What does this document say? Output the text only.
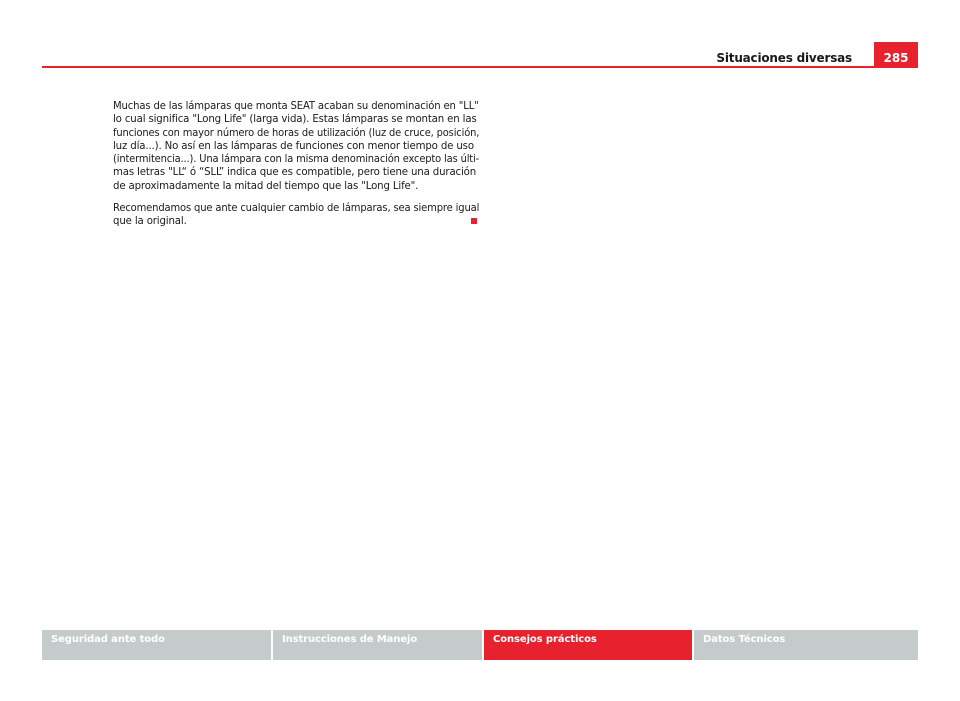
Situaciones diversas	285

Muchas de las lámparas que monta SEAT acaban su denominación en "LL"
lo cual significa "Long Life" (larga vida). Estas lámparas se montan en las
funciones con mayor número de horas de utilización (luz de cruce, posición,
luz día...). No así en las lámparas de funciones con menor tiempo de uso
(intermitencia...). Una lámpara con la misma denominación excepto las últi-
mas letras "LL“ ó “SLL” indica que es compatible, pero tiene una duración
de aproximadamente la mitad del tiempo que las "Long Life".

Recomendamos que ante cualquier cambio de lámparas, sea siempre igual
que la original.

Seguridad ante todo	Instrucciones de Manejo	Consejos prácticos	Datos Técnicos
